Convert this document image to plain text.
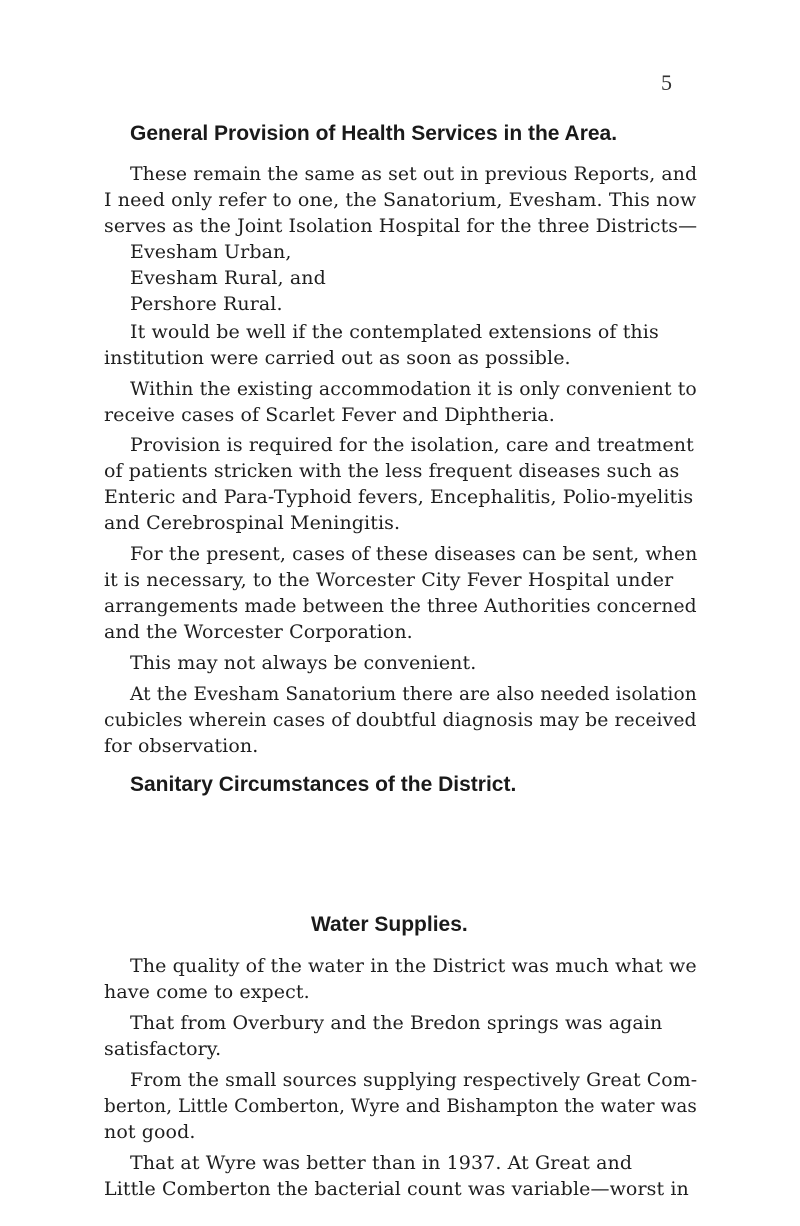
5
General Provision of Health Services in the Area.
These remain the same as set out in previous Reports, and
I need only refer to one, the Sanatorium, Evesham. This now
serves as the Joint Isolation Hospital for the three Districts—
Evesham Urban,
Evesham Rural, and
Pershore Rural.
It would be well if the contemplated extensions of this
institution were carried out as soon as possible.
Within the existing accommodation it is only convenient to
receive cases of Scarlet Fever and Diphtheria.
Provision is required for the isolation, care and treatment
of patients stricken with the less frequent diseases such as
Enteric and Para-Typhoid fevers, Encephalitis, Polio-myelitis
and Cerebrospinal Meningitis.
For the present, cases of these diseases can be sent, when
it is necessary, to the Worcester City Fever Hospital under
arrangements made between the three Authorities concerned
and the Worcester Corporation.
This may not always be convenient.
At the Evesham Sanatorium there are also needed isolation
cubicles wherein cases of doubtful diagnosis may be received
for observation.
Sanitary Circumstances of the District.
Water Supplies.
The quality of the water in the District was much what we
have come to expect.
That from Overbury and the Bredon springs was again
satisfactory.
From the small sources supplying respectively Great Com-
berton, Little Comberton, Wyre and Bishampton the water was
not good.
That at Wyre was better than in 1937. At Great and
Little Comberton the bacterial count was variable—worst in
